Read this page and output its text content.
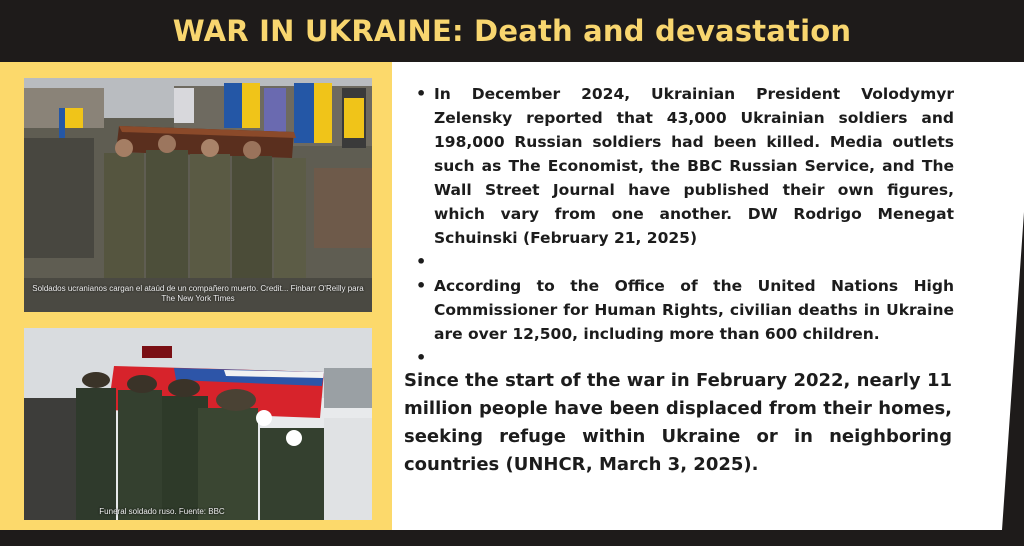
WAR IN UKRAINE: Death and devastation
Soldados ucranianos cargan el ataúd de un compañero muerto. Credit... Finbarr O'Reilly para The New York Times
Funeral soldado ruso. Fuente: BBC
• In December 2024, Ukrainian President Volodymyr Zelensky reported that 43,000 Ukrainian soldiers and 198,000 Russian soldiers had been killed. Media outlets such as The Economist, the BBC Russian Service, and The Wall Street Journal have published their own figures, which vary from one another. DW Rodrigo Menegat Schuinski (February 21, 2025)
•
• According to the Office of the United Nations High Commissioner for Human Rights, civilian deaths in Ukraine are over 12,500, including more than 600 children.
•

Since the start of the war in February 2022, nearly 11 million people have been displaced from their homes, seeking refuge within Ukraine or in neighboring countries (UNHCR, March 3, 2025).
